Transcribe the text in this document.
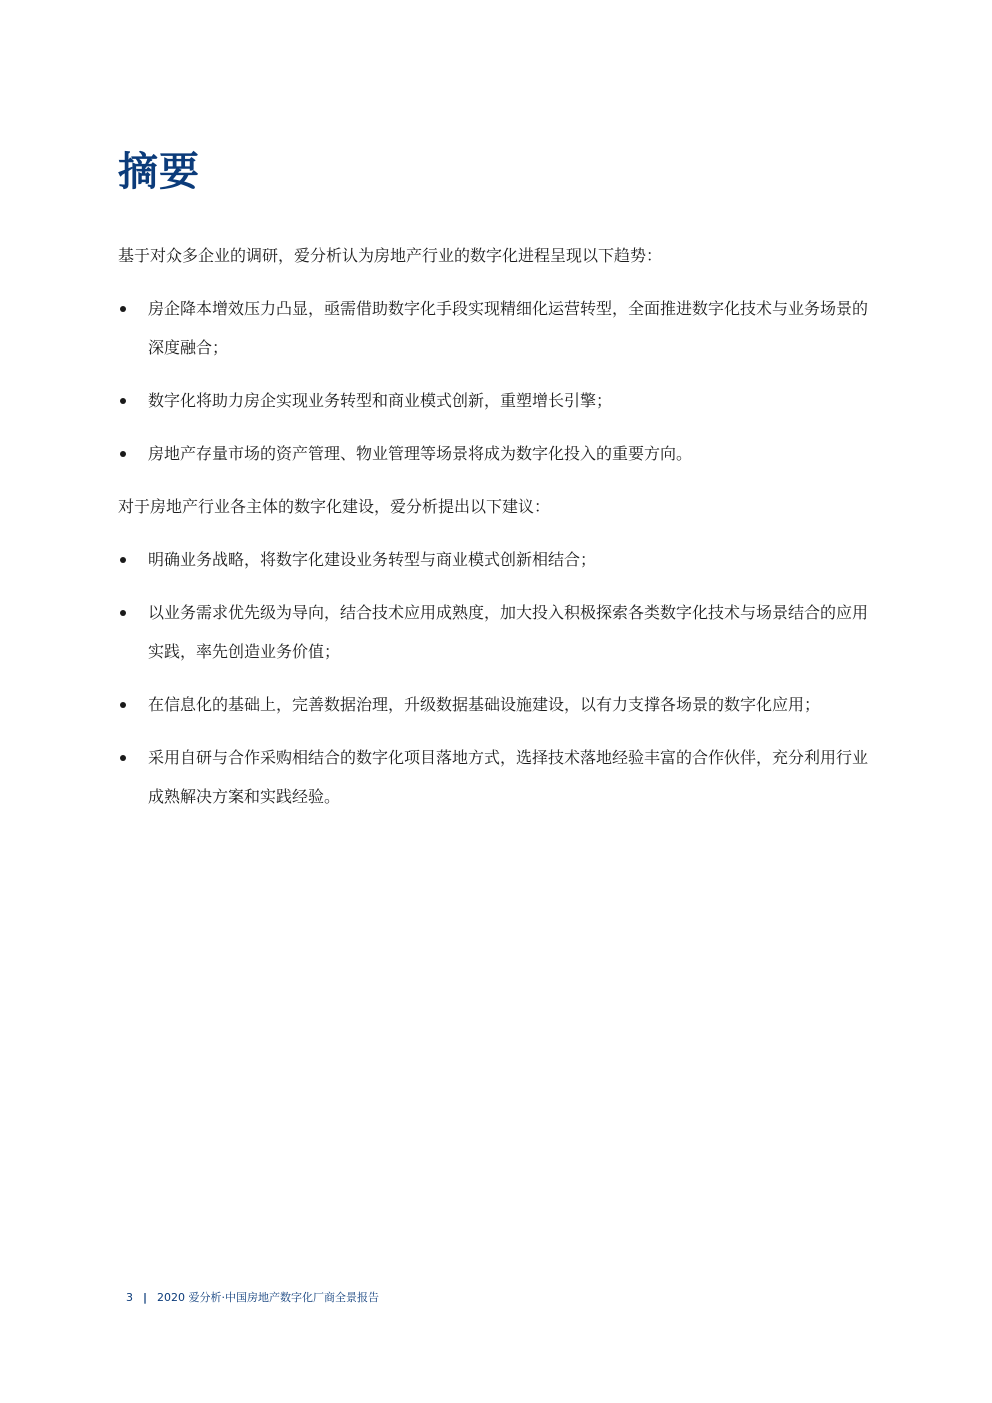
摘要

基于对众多企业的调研，爱分析认为房地产行业的数字化进程呈现以下趋势：

房企降本增效压力凸显，亟需借助数字化手段实现精细化运营转型，全面推进数字化技术与业务场景的深度融合；
数字化将助力房企实现业务转型和商业模式创新，重塑增长引擎；
房地产存量市场的资产管理、物业管理等场景将成为数字化投入的重要方向。

对于房地产行业各主体的数字化建设，爱分析提出以下建议：

明确业务战略，将数字化建设业务转型与商业模式创新相结合；
以业务需求优先级为导向，结合技术应用成熟度，加大投入积极探索各类数字化技术与场景结合的应用实践，率先创造业务价值；
在信息化的基础上，完善数据治理，升级数据基础设施建设，以有力支撑各场景的数字化应用；
采用自研与合作采购相结合的数字化项目落地方式，选择技术落地经验丰富的合作伙伴，充分利用行业成熟解决方案和实践经验。
3 | 2020 爱分析·中国房地产数字化厂商全景报告
